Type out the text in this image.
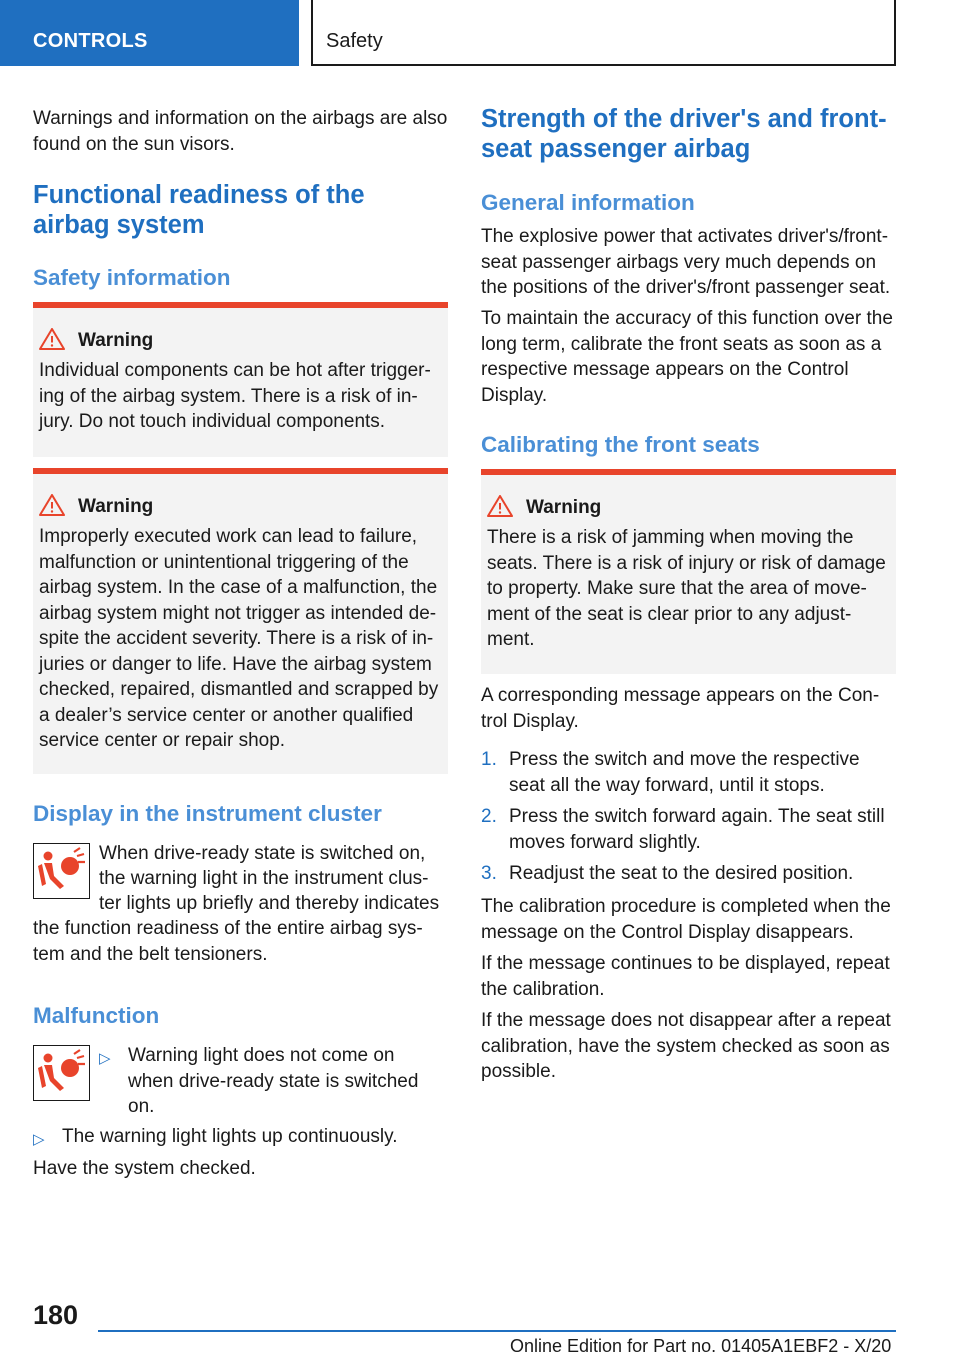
CONTROLS	Safety

Warnings and information on the airbags are also found on the sun visors.

Functional readiness of the airbag system
Safety information
Warning
Individual components can be hot after trigger‐ing of the airbag system. There is a risk of in‐jury. Do not touch individual components.
Warning
Improperly executed work can lead to failure, malfunction or unintentional triggering of the airbag system. In the case of a malfunction, the airbag system might not trigger as intended de‐spite the accident severity. There is a risk of in‐juries or danger to life. Have the airbag system checked, repaired, dismantled and scrapped by a dealer’s service center or another qualified service center or repair shop.
Display in the instrument cluster

When drive-ready state is switched on,

the warning light in the instrument clus‐

ter lights up briefly and thereby indicates

the function readiness of the entire airbag sys‐tem and the belt tensioners.

Malfunction
▷ Warning light does not come on when drive-ready state is switched on.
▷ The warning light lights up continuously.

Have the system checked.

Strength of the driver's and front-seat passenger airbag
General information

The explosive power that activates driver's/front-seat passenger airbags very much depends on the positions of the driver's/front passenger seat.

To maintain the accuracy of this function over the long term, calibrate the front seats as soon as a respective message appears on the Control Display.

Calibrating the front seats
Warning
There is a risk of jamming when moving the seats. There is a risk of injury or risk of damage to property. Make sure that the area of move‐ment of the seat is clear prior to any adjust‐ment.

A corresponding message appears on the Con‐trol Display.

1. Press the switch and move the respective seat all the way forward, until it stops.
2. Press the switch forward again. The seat still moves forward slightly.
3. Readjust the seat to the desired position.

The calibration procedure is completed when the message on the Control Display disappears.

If the message continues to be displayed, repeat the calibration.

If the message does not disappear after a repeat calibration, have the system checked as soon as possible.

180
Online Edition for Part no. 01405A1EBF2 - X/20
